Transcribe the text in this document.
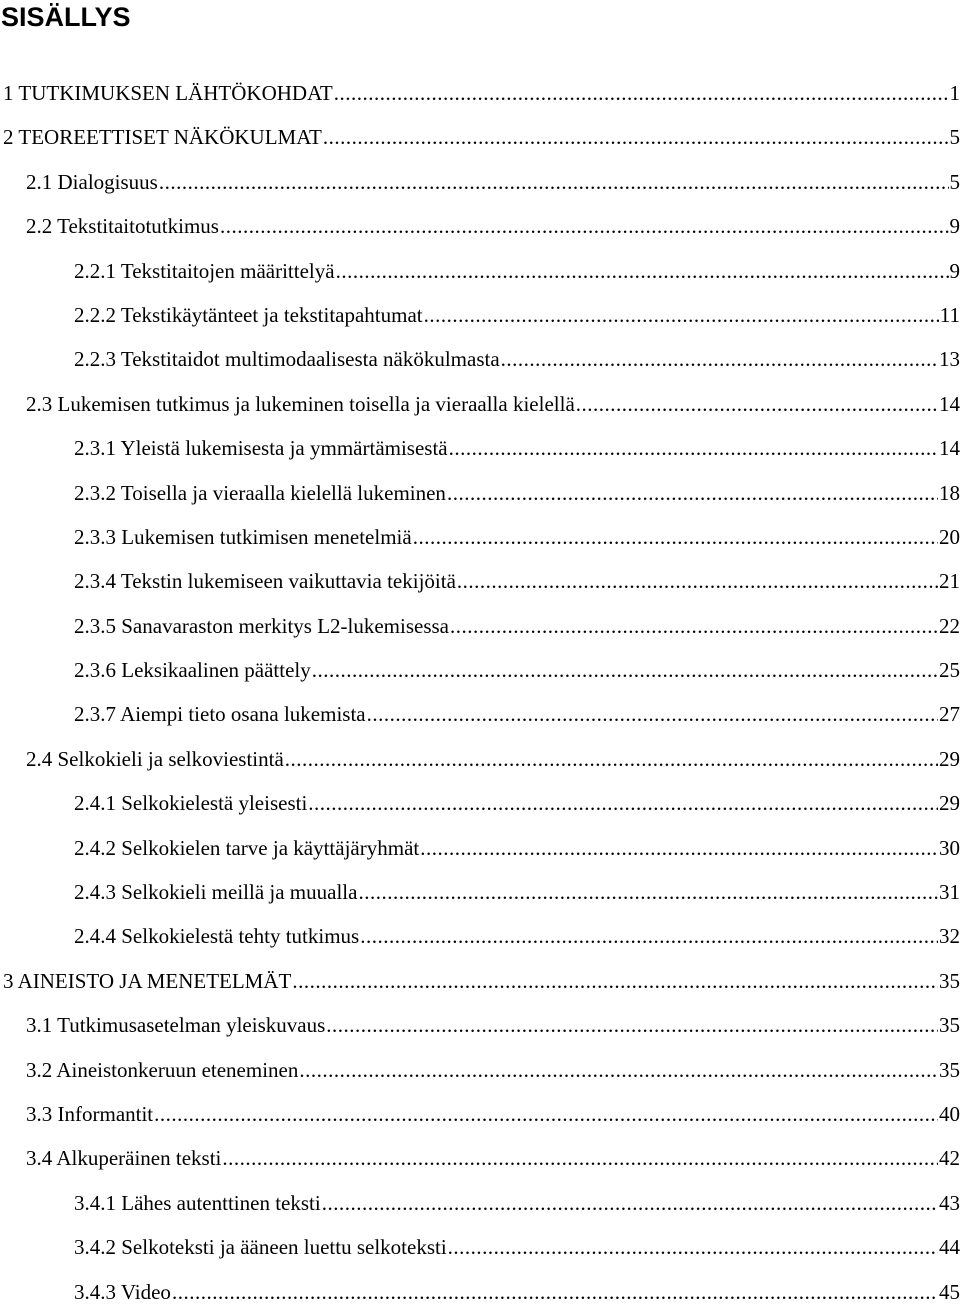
SISÄLLYS
1 TUTKIMUKSEN LÄHTÖKOHDAT .....	1
2 TEOREETTISET NÄKÖKULMAT .....	5
2.1 Dialogisuus .....	5
2.2 Tekstitaitotutkimus .....	9
2.2.1 Tekstitaitojen määrittelyä .....	9
2.2.2 Tekstikäytänteet ja tekstitapahtumat .....	11
2.2.3 Tekstitaidot multimodaalisesta näkökulmasta .....	13
2.3 Lukemisen tutkimus ja lukeminen toisella ja vieraalla kielellä .....	14
2.3.1 Yleistä lukemisesta ja ymmärtämisestä .....	14
2.3.2 Toisella ja vieraalla kielellä lukeminen .....	18
2.3.3 Lukemisen tutkimisen menetelmiä .....	20
2.3.4 Tekstin lukemiseen vaikuttavia tekijöitä .....	21
2.3.5 Sanavaraston merkitys L2-lukemisessa .....	22
2.3.6 Leksikaalinen päättely .....	25
2.3.7 Aiempi tieto osana lukemista .....	27
2.4 Selkokieli ja selkoviestintä .....	29
2.4.1 Selkokielestä yleisesti .....	29
2.4.2 Selkokielen tarve ja käyttäjäryhmät .....	30
2.4.3 Selkokieli meillä ja muualla .....	31
2.4.4 Selkokielestä tehty tutkimus .....	32
3 AINEISTO JA MENETELMÄT .....	35
3.1 Tutkimusasetelman yleiskuvaus .....	35
3.2 Aineistonkeruun eteneminen .....	35
3.3 Informantit .....	40
3.4 Alkuperäinen teksti .....	42
3.4.1 Lähes autenttinen teksti .....	43
3.4.2 Selkoteksti ja ääneen luettu selkoteksti .....	44
3.4.3 Video .....	45
